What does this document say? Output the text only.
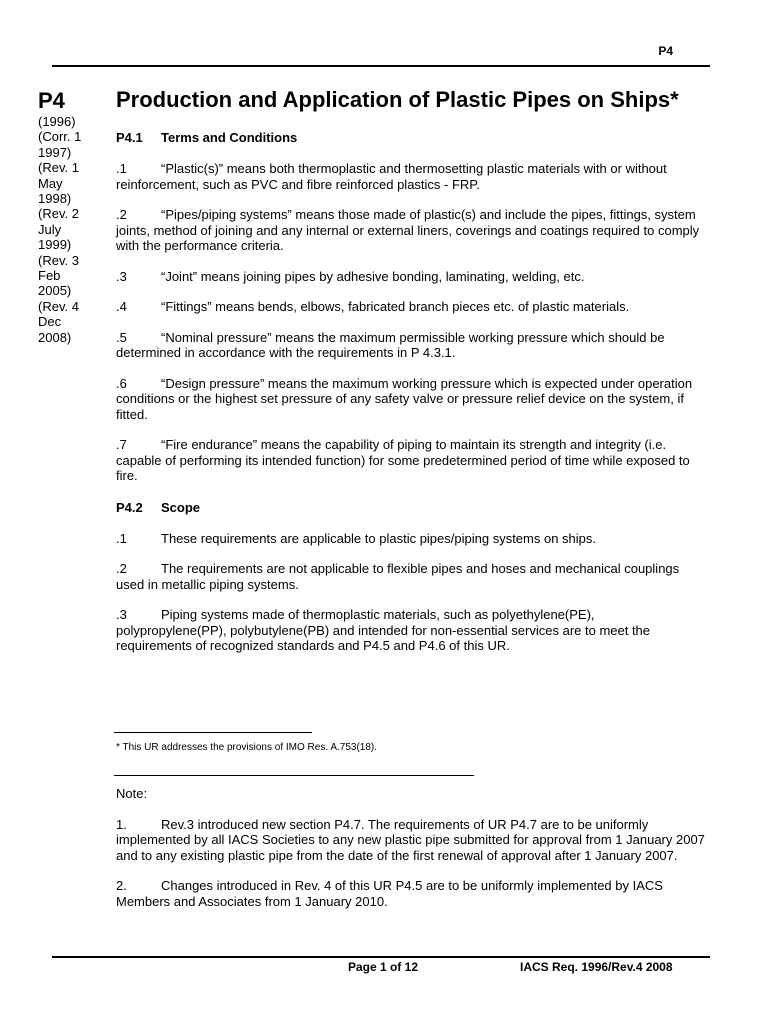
P4
P4
(1996)
(Corr. 1
1997)
(Rev. 1
May
1998)
(Rev. 2
July
1999)
(Rev. 3
Feb
2005)
(Rev. 4
Dec
2008)
Production and Application of Plastic Pipes on Ships*
P4.1 Terms and Conditions
.1	“Plastic(s)” means both thermoplastic and thermosetting plastic materials with or without reinforcement, such as PVC and fibre reinforced plastics - FRP.
.2	“Pipes/piping systems” means those made of plastic(s) and include the pipes, fittings, system joints, method of joining and any internal or external liners, coverings and coatings required to comply with the performance criteria.
.3	“Joint” means joining pipes by adhesive bonding, laminating, welding, etc.
.4	“Fittings” means bends, elbows, fabricated branch pieces etc. of plastic materials.
.5	“Nominal pressure” means the maximum permissible working pressure which should be determined in accordance with the requirements in P 4.3.1.
.6	“Design pressure” means the maximum working pressure which is expected under operation conditions or the highest set pressure of any safety valve or pressure relief device on the system, if fitted.
.7	“Fire endurance” means the capability of piping to maintain its strength and integrity (i.e. capable of performing its intended function) for some predetermined period of time while exposed to fire.
P4.2 Scope
.1	These requirements are applicable to plastic pipes/piping systems on ships.
.2	The requirements are not applicable to flexible pipes and hoses and mechanical couplings used in metallic piping systems.
.3	Piping systems made of thermoplastic materials, such as polyethylene(PE), polypropylene(PP), polybutylene(PB) and intended for non-essential services are to meet the requirements of recognized standards and P4.5 and P4.6 of this UR.
* This UR addresses the provisions of IMO Res. A.753(18).
Note:
1.	Rev.3 introduced new section P4.7. The requirements of UR P4.7 are to be uniformly implemented by all IACS Societies to any new plastic pipe submitted for approval from 1 January 2007 and to any existing plastic pipe from the date of the first renewal of approval after 1 January 2007.
2.	Changes introduced in Rev. 4 of this UR P4.5 are to be uniformly implemented by IACS Members and Associates from 1 January 2010.
Page 1 of 12	IACS Req. 1996/Rev.4 2008
